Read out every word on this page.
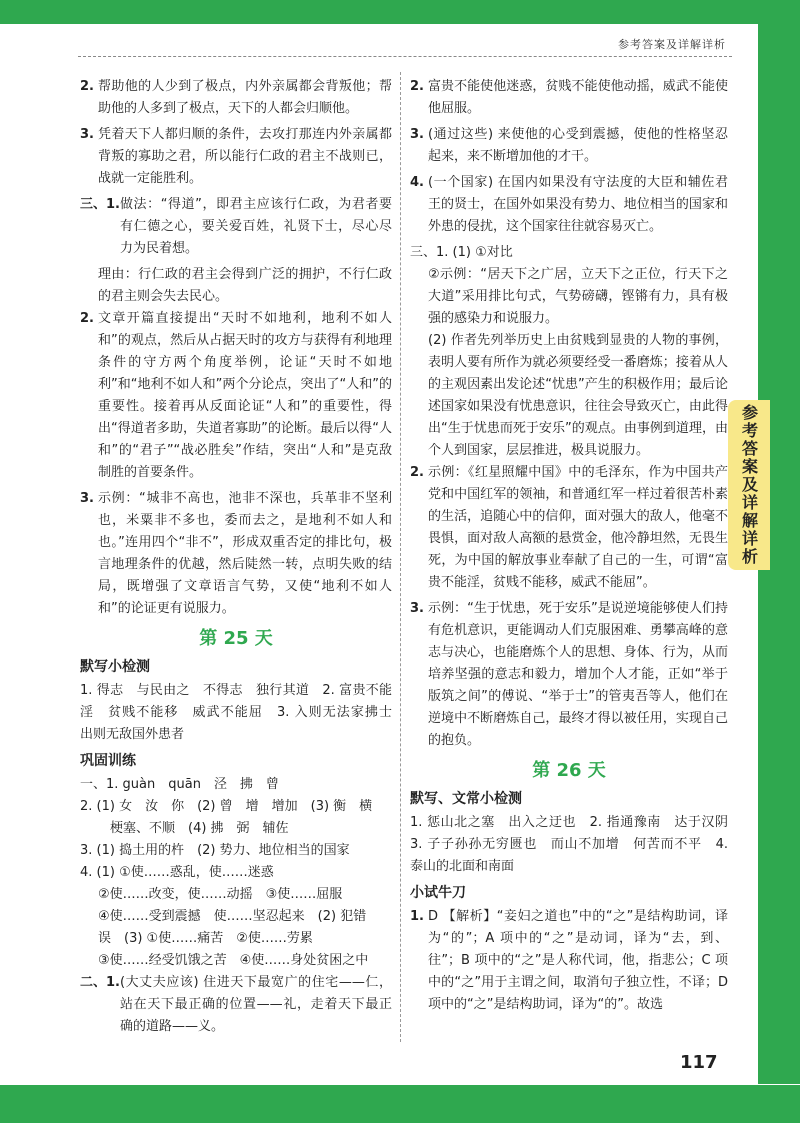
参考答案及详解详析
参考答案及详解详析
2. 帮助他的人少到了极点，内外亲属都会背叛他；帮助他的人多到了极点，天下的人都会归顺他。
3. 凭着天下人都归顺的条件，去攻打那连内外亲属都背叛的寡助之君，所以能行仁政的君主不战则已，战就一定能胜利。
三、1. 做法：“得道”，即君主应该行仁政，为君者要有仁德之心，要关爱百姓，礼贤下士，尽心尽力为民着想。

理由：行仁政的君主会得到广泛的拥护，不行仁政的君主则会失去民心。

2. 文章开篇直接提出“天时不如地利，地利不如人和”的观点，然后从占据天时的攻方与获得有利地理条件的守方两个角度举例，论证“天时不如地利”和“地利不如人和”两个分论点，突出了“人和”的重要性。接着再从反面论证“人和”的重要性，得出“得道者多助，失道者寡助”的论断。最后以得“人和”的“君子”“战必胜矣”作结，突出“人和”是克敌制胜的首要条件。
3. 示例：“城非不高也，池非不深也，兵革非不坚利也，米粟非不多也，委而去之，是地利不如人和也。”连用四个“非不”，形成双重否定的排比句，极言地理条件的优越，然后陡然一转，点明失败的结局，既增强了文章语言气势，又使“地利不如人和”的论证更有说服力。
第 25 天
默写小检测

1. 得志　与民由之　不得志　独行其道　2. 富贵不能淫　贫贱不能移　威武不能屈　3. 入则无法家拂士　出则无敌国外患者

巩固训练

一、1. guàn　quān　泾　拂　曾

2. (1) 女　汝　你　(2) 曾　增　增加　(3) 衡　横

梗塞、不顺　(4) 拂　弼　辅佐

3. (1) 捣土用的杵　(2) 势力、地位相当的国家

4. (1) ①使……惑乱，使……迷惑

②使……改变，使……动摇　③使……屈服

④使……受到震撼　使……坚忍起来　(2) 犯错

误　(3) ①使……痛苦　②使……劳累

③使……经受饥饿之苦　④使……身处贫困之中

二、1. (大丈夫应该) 住进天下最宽广的住宅——仁，站在天下最正确的位置——礼，走着天下最正确的道路——义。
2. 富贵不能使他迷惑，贫贱不能使他动摇，威武不能使他屈服。
3. (通过这些) 来使他的心受到震撼，使他的性格坚忍起来，来不断增加他的才干。
4. (一个国家) 在国内如果没有守法度的大臣和辅佐君王的贤士，在国外如果没有势力、地位相当的国家和外患的侵扰，这个国家往往就容易灭亡。

三、1. (1) ①对比

②示例：“居天下之广居，立天下之正位，行天下之大道”采用排比句式，气势磅礴，铿锵有力，具有极强的感染力和说服力。

(2) 作者先列举历史上由贫贱到显贵的人物的事例，表明人要有所作为就必须要经受一番磨炼；接着从人的主观因素出发论述“忧患”产生的积极作用；最后论述国家如果没有忧患意识，往往会导致灭亡，由此得出“生于忧患而死于安乐”的观点。由事例到道理，由个人到国家，层层推进，极具说服力。

2. 示例：《红星照耀中国》中的毛泽东，作为中国共产党和中国红军的领袖，和普通红军一样过着很苦朴素的生活，追随心中的信仰，面对强大的敌人，他毫不畏惧，面对敌人高额的悬赏金，他冷静坦然，无畏生死，为中国的解放事业奉献了自己的一生，可谓“富贵不能淫，贫贱不能移，威武不能屈”。
3. 示例：“生于忧患，死于安乐”是说逆境能够使人们持有危机意识，更能调动人们克服困难、勇攀高峰的意志与决心，也能磨炼个人的思想、身体、行为，从而培养坚强的意志和毅力，增加个人才能，正如“举于版筑之间”的傅说、“举于士”的管夷吾等人，他们在逆境中不断磨炼自己，最终才得以被任用，实现自己的抱负。
第 26 天
默写、文常小检测

1. 惩山北之塞　出入之迂也　2. 指通豫南　达于汉阴　3. 子子孙孙无穷匮也　而山不加增　何苦而不平　4. 泰山的北面和南面

小试牛刀
1. D 【解析】“妾妇之道也”中的“之”是结构助词，译为“的”；A 项中的“之”是动词，译为“去，到、往”；B 项中的“之”是人称代词，他，指悲公；C 项中的“之”用于主谓之间，取消句子独立性，不译；D 项中的“之”是结构助词，译为“的”。故选
117
